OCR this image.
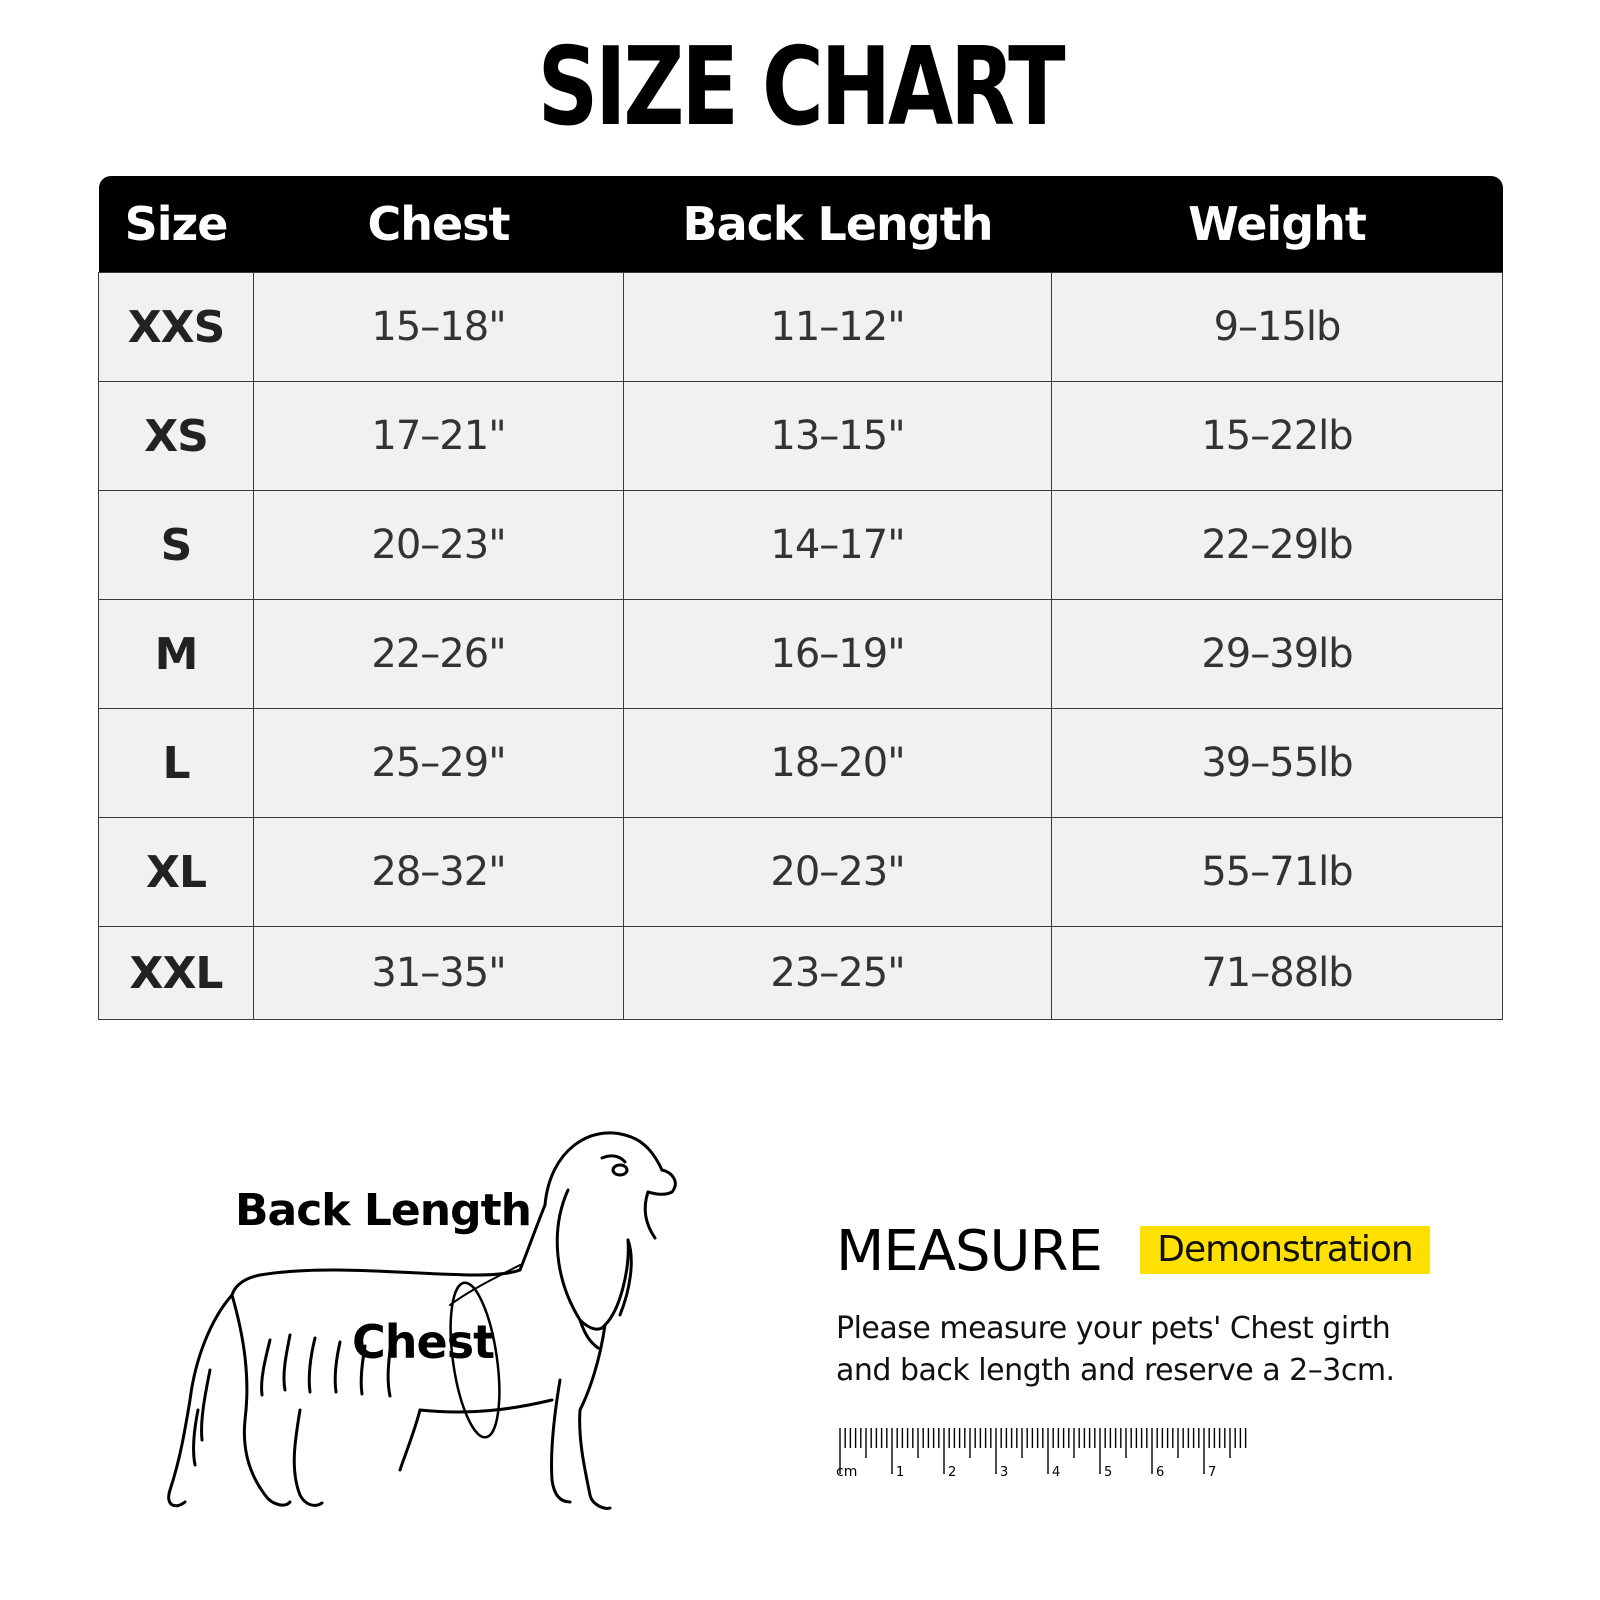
SIZE CHART
Size	Chest	Back Length	Weight
XXS	15–18"	11–12"	9–15lb
XS	17–21"	13–15"	15–22lb
S	20–23"	14–17"	22–29lb
M	22–26"	16–19"	29–39lb
L	25–29"	18–20"	39–55lb
XL	28–32"	20–23"	55–71lb
XXL	31–35"	23–25"	71–88lb
Back Length
Chest
MEASURE	Demonstration
Please measure your pets' Chest girth
and back length and reserve a 2–3cm.
cm	1	2	3	4	5	6	7
